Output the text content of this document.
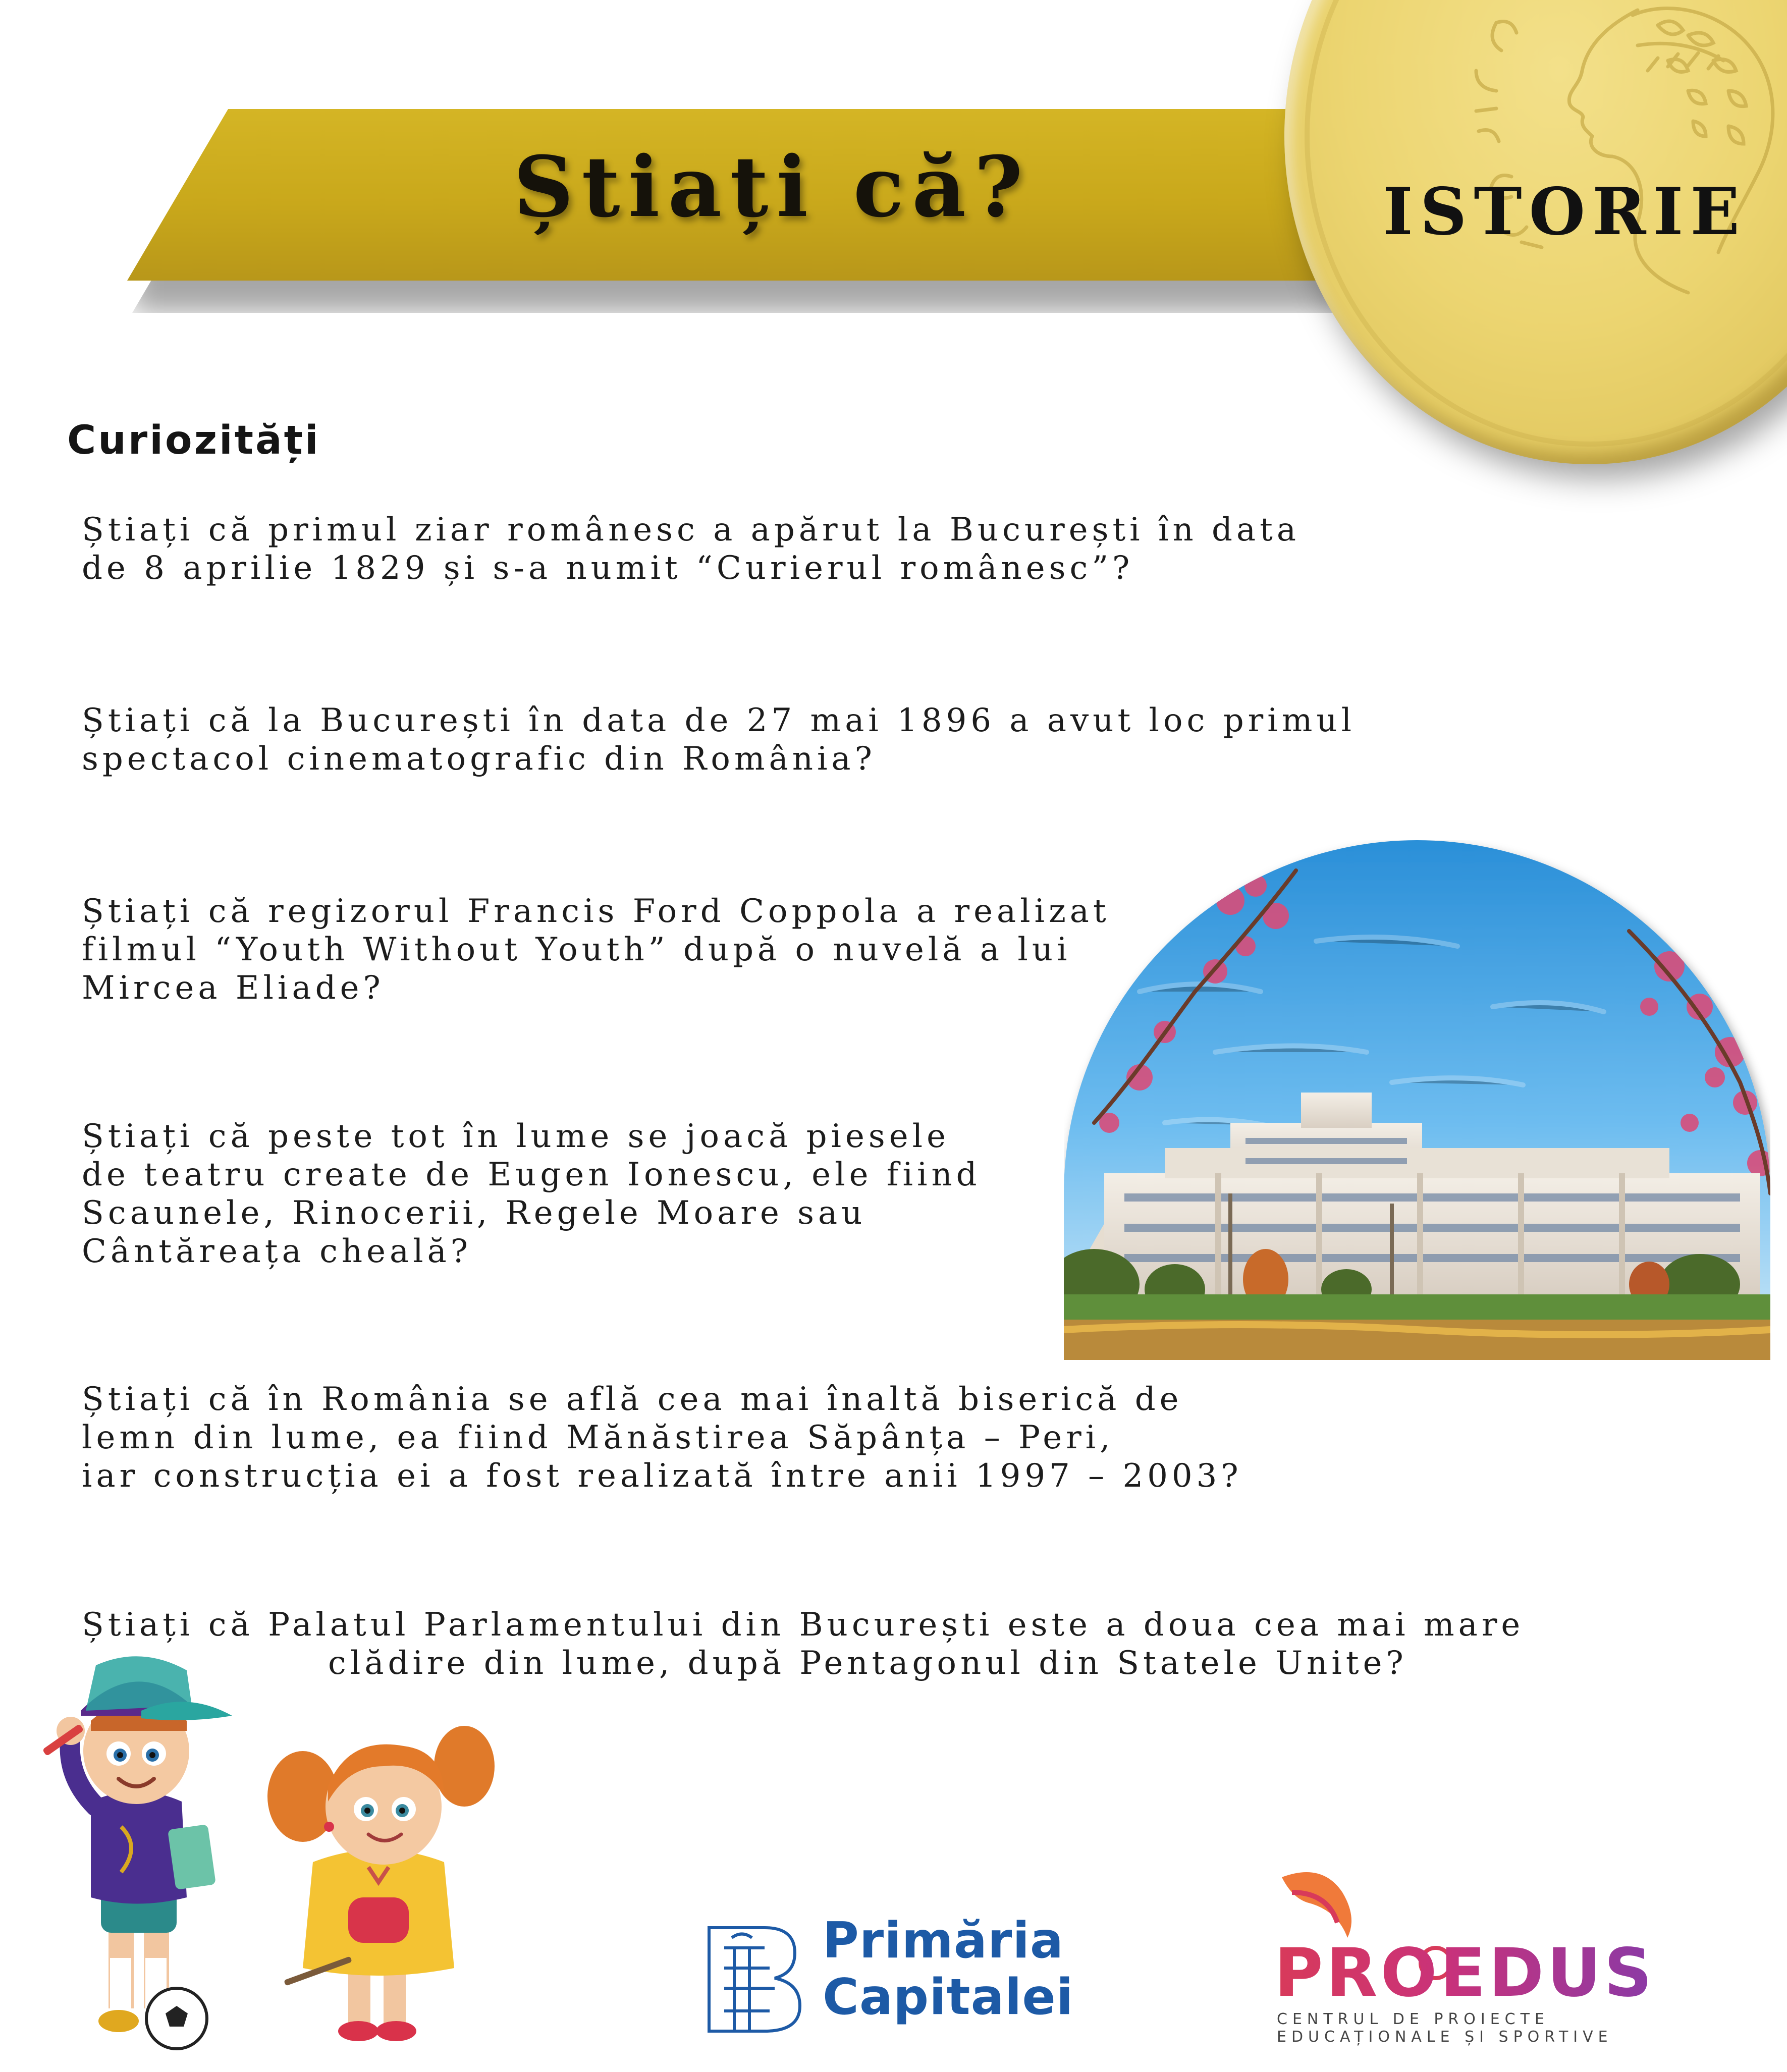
Știați că?	ISTORIE
Curiozități
Știați că primul ziar românesc a apărut la București în data
de 8 aprilie 1829 și s-a numit “Curierul românesc”?
Știați că la București în data de 27 mai 1896 a avut loc primul
spectacol cinematografic din România?
Știați că regizorul Francis Ford Coppola a realizat
filmul “Youth Without Youth” după o nuvelă a lui
Mircea Eliade?
Știați că peste tot în lume se joacă piesele
de teatru create de Eugen Ionescu, ele fiind
Scaunele, Rinocerii, Regele Moare sau
Cântăreața cheală?
Știați că în România se află cea mai înaltă biserică de
lemn din lume, ea fiind Mănăstirea Săpânța – Peri,
iar construcția ei a fost realizată între anii 1997 – 2003?
Știați că Palatul Parlamentului din București este a doua cea mai mare
clădire din lume, după Pentagonul din Statele Unite?
Primăria
Capitalei	PROEDUS
CENTRUL DE PROIECTE
EDUCAȚIONALE ȘI SPORTIVE
